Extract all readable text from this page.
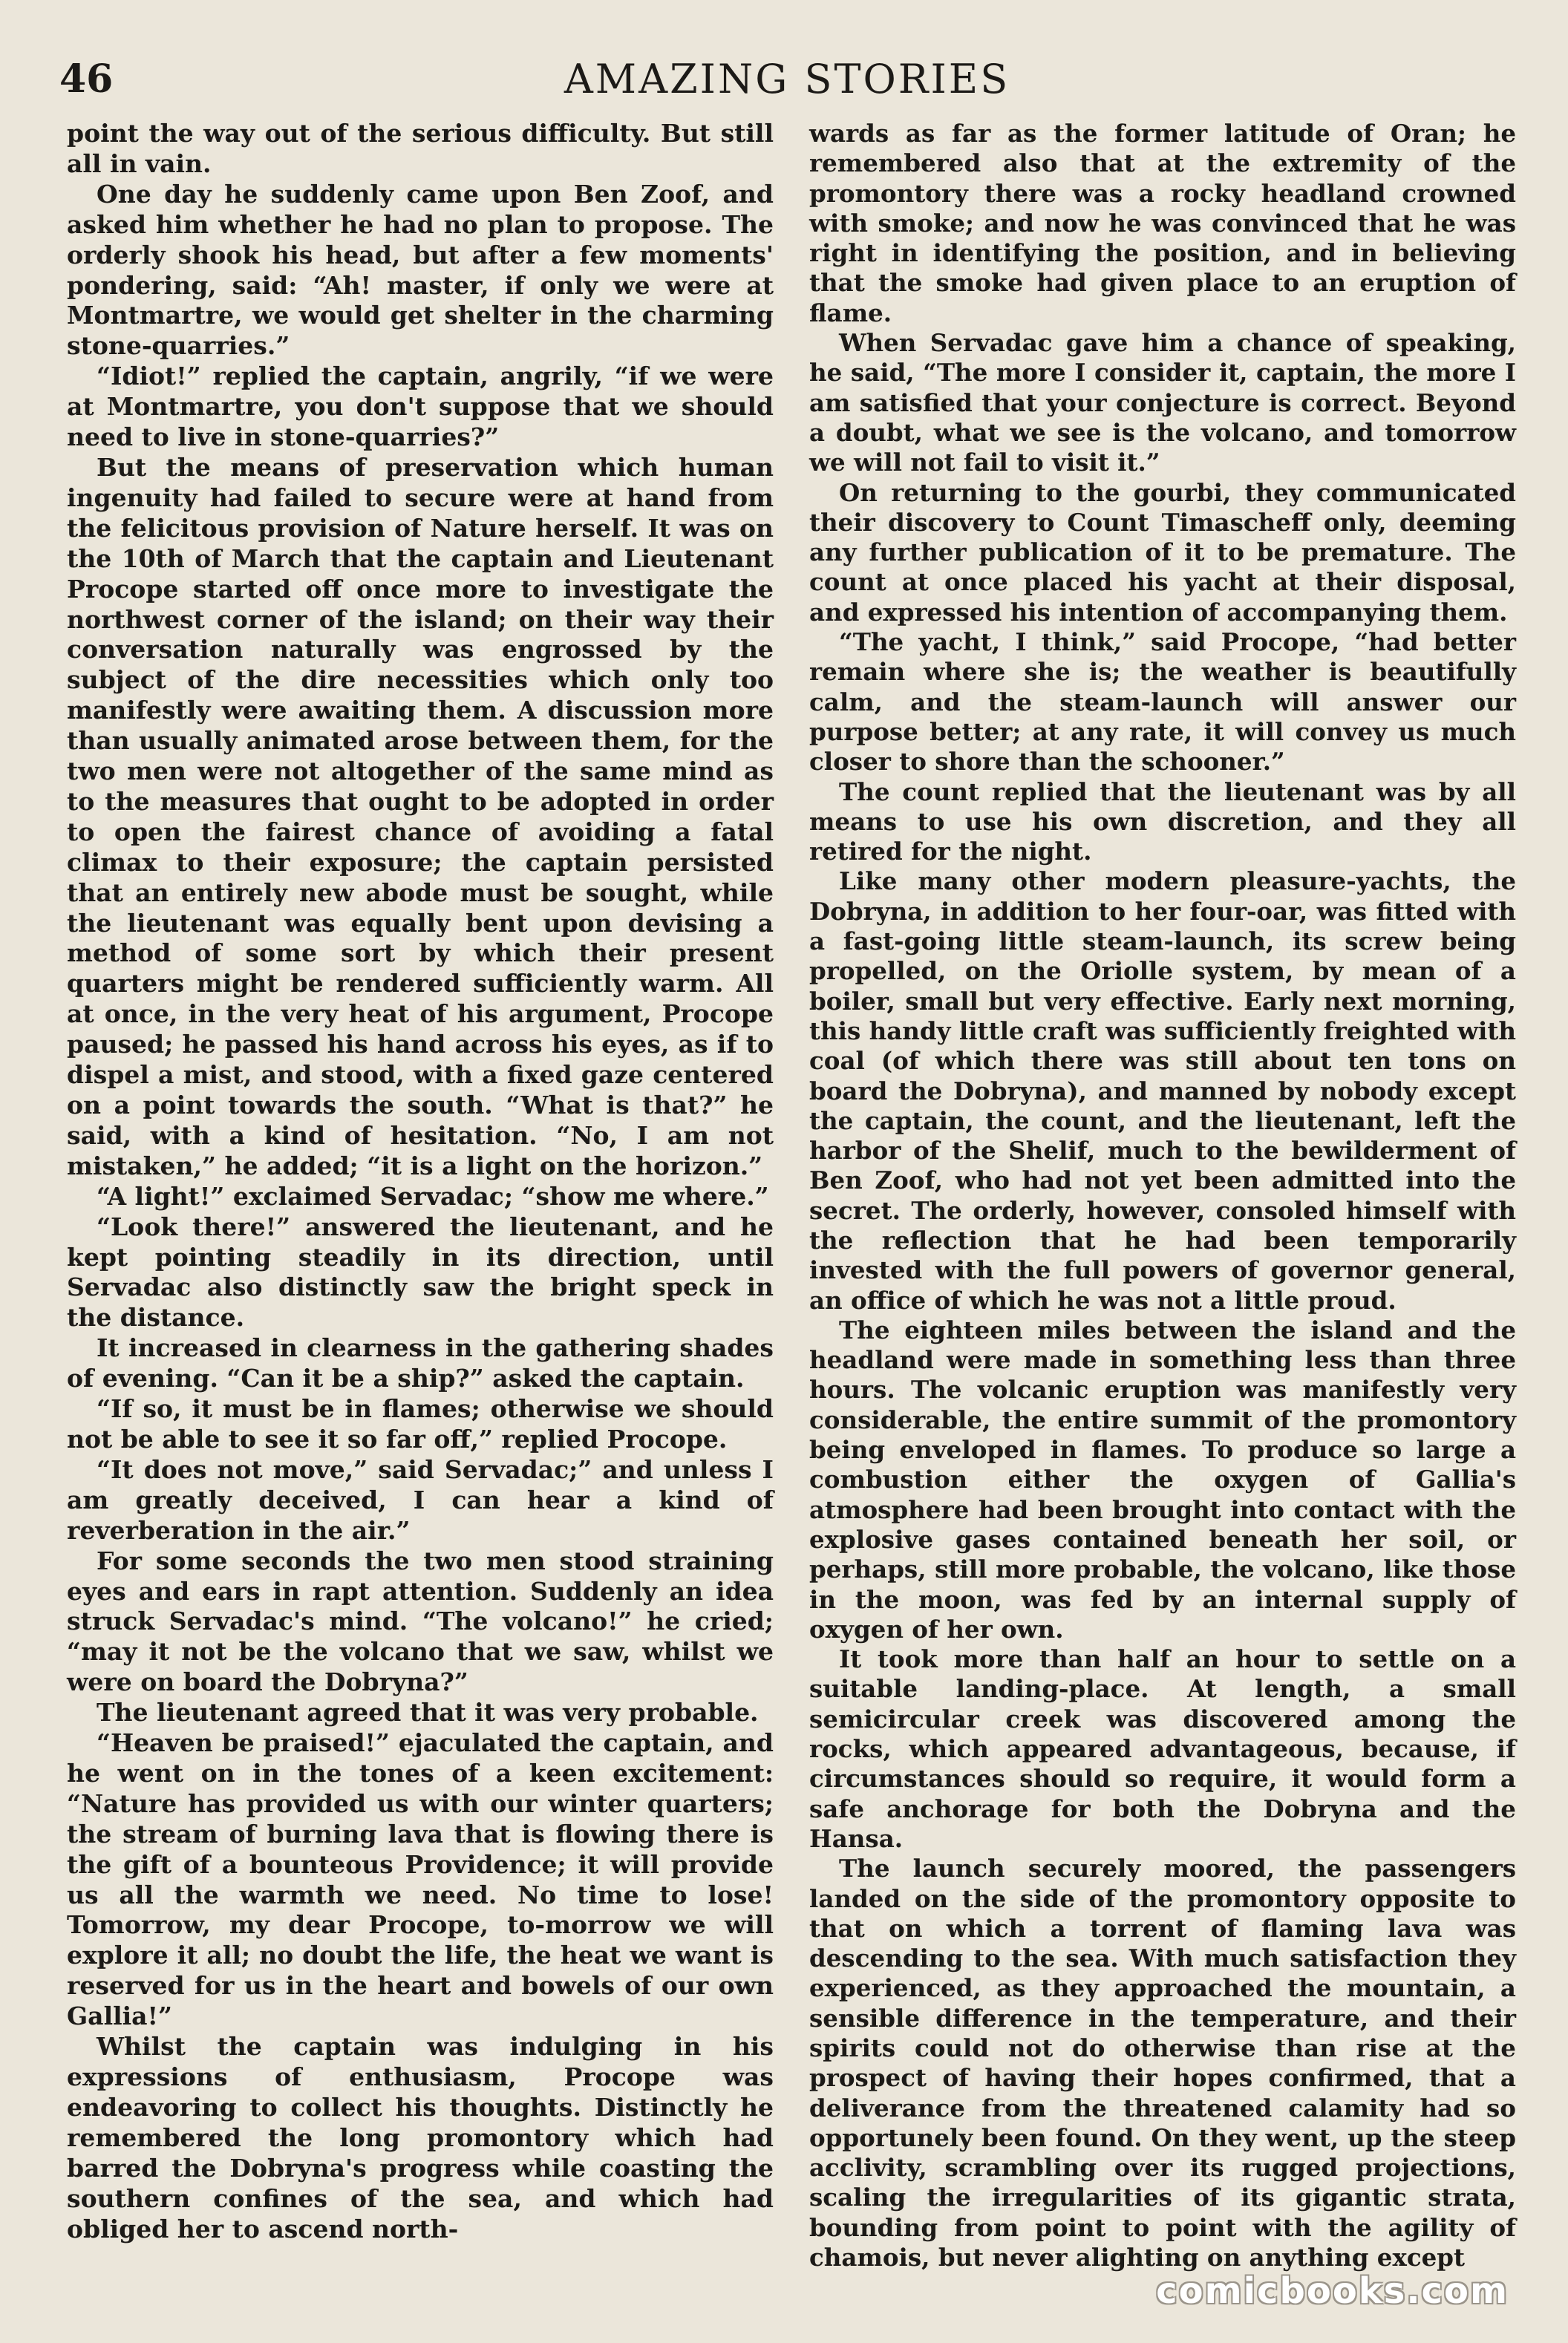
46	AMAZING STORIES

point the way out of the serious difficulty. But still all in vain.

One day he suddenly came upon Ben Zoof, and asked him whether he had no plan to propose. The orderly shook his head, but after a few moments' pondering, said: “Ah! master, if only we were at Montmartre, we would get shelter in the charming stone-quarries.”

“Idiot!” replied the captain, angrily, “if we were at Montmartre, you don't suppose that we should need to live in stone-quarries?”

But the means of preservation which human ingenuity had failed to secure were at hand from the felicitous provision of Nature herself. It was on the 10th of March that the captain and Lieutenant Procope started off once more to investigate the northwest corner of the island; on their way their conversation naturally was engrossed by the subject of the dire necessities which only too manifestly were awaiting them. A discussion more than usually animated arose between them, for the two men were not altogether of the same mind as to the measures that ought to be adopted in order to open the fairest chance of avoiding a fatal climax to their exposure; the captain persisted that an entirely new abode must be sought, while the lieutenant was equally bent upon devising a method of some sort by which their present quarters might be rendered sufficiently warm. All at once, in the very heat of his argument, Procope paused; he passed his hand across his eyes, as if to dispel a mist, and stood, with a fixed gaze centered on a point towards the south. “What is that?” he said, with a kind of hesitation. “No, I am not mistaken,” he added; “it is a light on the horizon.”

“A light!” exclaimed Servadac; “show me where.”

“Look there!” answered the lieutenant, and he kept pointing steadily in its direction, until Servadac also distinctly saw the bright speck in the distance.

It increased in clearness in the gathering shades of evening. “Can it be a ship?” asked the captain.

“If so, it must be in flames; otherwise we should not be able to see it so far off,” replied Procope.

“It does not move,” said Servadac;” and unless I am greatly deceived, I can hear a kind of reverberation in the air.”

For some seconds the two men stood straining eyes and ears in rapt attention. Suddenly an idea struck Servadac's mind. “The volcano!” he cried; “may it not be the volcano that we saw, whilst we were on board the Dobryna?”

The lieutenant agreed that it was very probable.

“Heaven be praised!” ejaculated the captain, and he went on in the tones of a keen excitement: “Nature has provided us with our winter quarters; the stream of burning lava that is flowing there is the gift of a bounteous Providence; it will provide us all the warmth we need. No time to lose! Tomorrow, my dear Procope, to-morrow we will explore it all; no doubt the life, the heat we want is reserved for us in the heart and bowels of our own Gallia!”

Whilst the captain was indulging in his expressions of enthusiasm, Procope was endeavoring to collect his thoughts. Distinctly he remembered the long promontory which had barred the Dobryna's progress while coasting the southern confines of the sea, and which had obliged her to ascend north-

wards as far as the former latitude of Oran; he remembered also that at the extremity of the promontory there was a rocky headland crowned with smoke; and now he was convinced that he was right in identifying the position, and in believing that the smoke had given place to an eruption of flame.

When Servadac gave him a chance of speaking, he said, “The more I consider it, captain, the more I am satisfied that your conjecture is correct. Beyond a doubt, what we see is the volcano, and tomorrow we will not fail to visit it.”

On returning to the gourbi, they communicated their discovery to Count Timascheff only, deeming any further publication of it to be premature. The count at once placed his yacht at their disposal, and expressed his intention of accompanying them.

“The yacht, I think,” said Procope, “had better remain where she is; the weather is beautifully calm, and the steam-launch will answer our purpose better; at any rate, it will convey us much closer to shore than the schooner.”

The count replied that the lieutenant was by all means to use his own discretion, and they all retired for the night.

Like many other modern pleasure-yachts, the Dobryna, in addition to her four-oar, was fitted with a fast-going little steam-launch, its screw being propelled, on the Oriolle system, by mean of a boiler, small but very effective. Early next morning, this handy little craft was sufficiently freighted with coal (of which there was still about ten tons on board the Dobryna), and manned by nobody except the captain, the count, and the lieutenant, left the harbor of the Shelif, much to the bewilderment of Ben Zoof, who had not yet been admitted into the secret. The orderly, however, consoled himself with the reflection that he had been temporarily invested with the full powers of governor general, an office of which he was not a little proud.

The eighteen miles between the island and the headland were made in something less than three hours. The volcanic eruption was manifestly very considerable, the entire summit of the promontory being enveloped in flames. To produce so large a combustion either the oxygen of Gallia's atmosphere had been brought into contact with the explosive gases contained beneath her soil, or perhaps, still more probable, the volcano, like those in the moon, was fed by an internal supply of oxygen of her own.

It took more than half an hour to settle on a suitable landing-place. At length, a small semicircular creek was discovered among the rocks, which appeared advantageous, because, if circumstances should so require, it would form a safe anchorage for both the Dobryna and the Hansa.

The launch securely moored, the passengers landed on the side of the promontory opposite to that on which a torrent of flaming lava was descending to the sea. With much satisfaction they experienced, as they approached the mountain, a sensible difference in the temperature, and their spirits could not do otherwise than rise at the prospect of having their hopes confirmed, that a deliverance from the threatened calamity had so opportunely been found. On they went, up the steep acclivity, scrambling over its rugged projections, scaling the irregularities of its gigantic strata, bounding from point to point with the agility of chamois, but never alighting on anything except

comicbooks.com
